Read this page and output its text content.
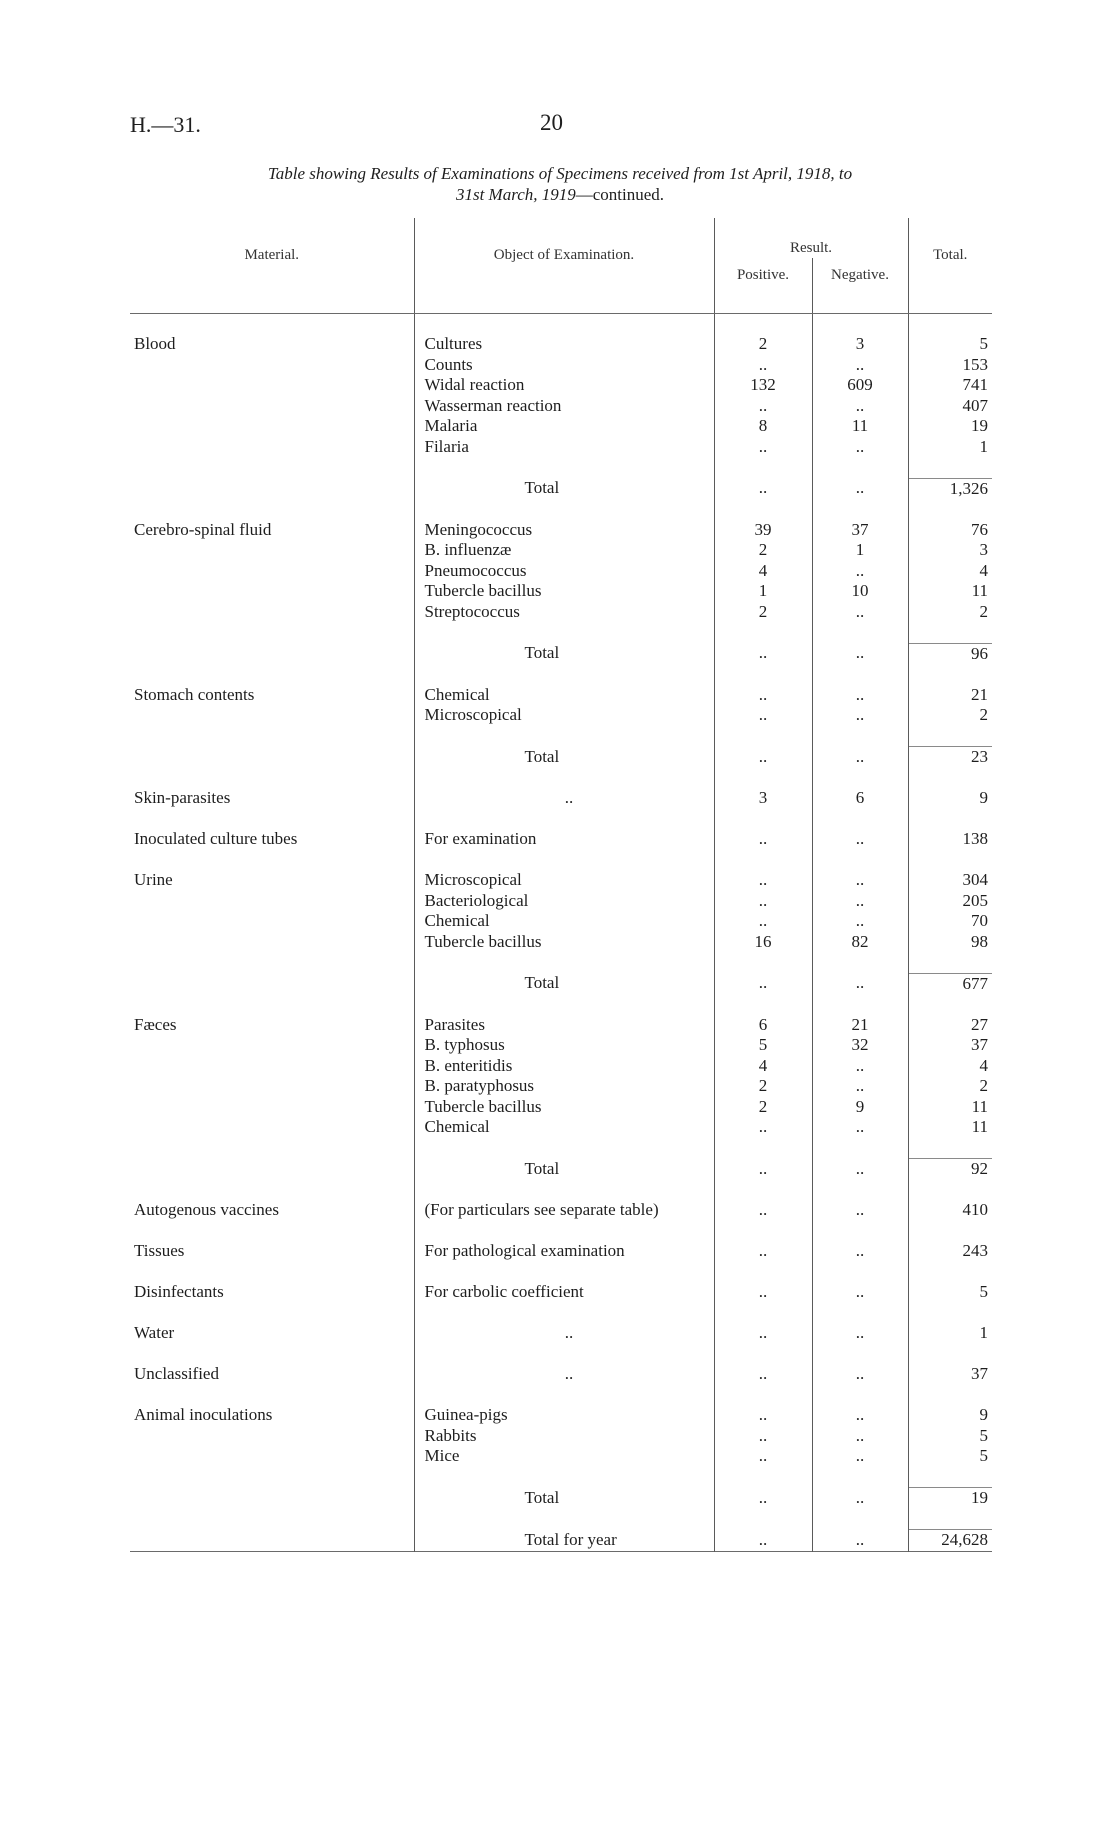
H.—31.	20
Table showing Results of Examinations of Specimens received from 1st April, 1918, to
31st March, 1919—continued.
Material.	Object of Examination.	Result.		Total.
		Positive.	Negative.	

Blood	Cultures	2	3	5
	Counts	..	..	153
	Widal reaction	132	609	741
	Wasserman reaction	..	..	407
	Malaria	8	11	19
	Filaria	..	..	1

	Total	..	..	1,326

Cerebro-spinal fluid	Meningococcus	39	37	76
	B. influenzæ	2	1	3
	Pneumococcus	4	..	4
	Tubercle bacillus	1	10	11
	Streptococcus	2	..	2

	Total	..	..	96

Stomach contents	Chemical	..	..	21
	Microscopical	..	..	2

	Total	..	..	23

Skin-parasites	..	3	6	9

Inoculated culture tubes	For examination	..	..	138

Urine	Microscopical	..	..	304
	Bacteriological	..	..	205
	Chemical	..	..	70
	Tubercle bacillus	16	82	98

	Total	..	..	677

Fæces	Parasites	6	21	27
	B. typhosus	5	32	37
	B. enteritidis	4	..	4
	B. paratyphosus	2	..	2
	Tubercle bacillus	2	9	11
	Chemical	..	..	11

	Total	..	..	92

Autogenous vaccines	(For particulars see separate table)	..	..	410

Tissues	For pathological examination	..	..	243

Disinfectants	For carbolic coefficient	..	..	5

Water	..	..	..	1

Unclassified	..	..	..	37

Animal inoculations	Guinea-pigs	..	..	9
	Rabbits	..	..	5
	Mice	..	..	5

	Total	..	..	19

	Total for year	..	..	24,628
